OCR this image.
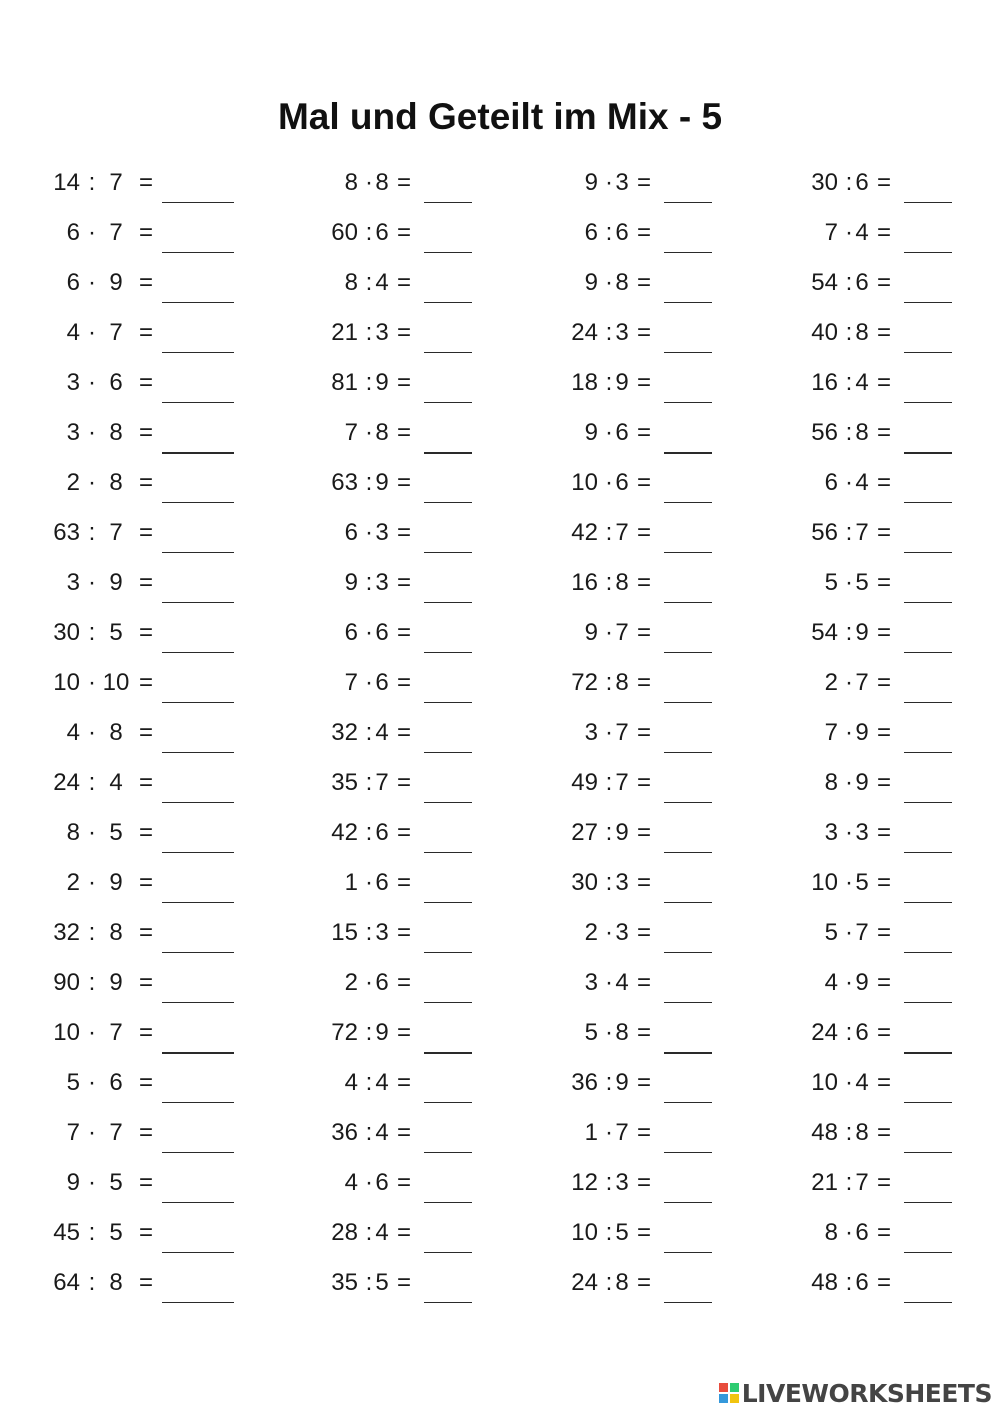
Mal und Geteilt im Mix - 5
14 : 7 =	8 · 8 =	9 · 3 =	30 : 6 =
6 · 7 =	60 : 6 =	6 : 6 =	7 · 4 =
6 · 9 =	8 : 4 =	9 · 8 =	54 : 6 =
4 · 7 =	21 : 3 =	24 : 3 =	40 : 8 =
3 · 6 =	81 : 9 =	18 : 9 =	16 : 4 =
3 · 8 =	7 · 8 =	9 · 6 =	56 : 8 =
2 · 8 =	63 : 9 =	10 · 6 =	6 · 4 =
63 : 7 =	6 · 3 =	42 : 7 =	56 : 7 =
3 · 9 =	9 : 3 =	16 : 8 =	5 · 5 =
30 : 5 =	6 · 6 =	9 · 7 =	54 : 9 =
10 · 10 =	7 · 6 =	72 : 8 =	2 · 7 =
4 · 8 =	32 : 4 =	3 · 7 =	7 · 9 =
24 : 4 =	35 : 7 =	49 : 7 =	8 · 9 =
8 · 5 =	42 : 6 =	27 : 9 =	3 · 3 =
2 · 9 =	1 · 6 =	30 : 3 =	10 · 5 =
32 : 8 =	15 : 3 =	2 · 3 =	5 · 7 =
90 : 9 =	2 · 6 =	3 · 4 =	4 · 9 =
10 · 7 =	72 : 9 =	5 · 8 =	24 : 6 =
5 · 6 =	4 : 4 =	36 : 9 =	10 · 4 =
7 · 7 =	36 : 4 =	1 · 7 =	48 : 8 =
9 · 5 =	4 · 6 =	12 : 3 =	21 : 7 =
45 : 5 =	28 : 4 =	10 : 5 =	8 · 6 =
64 : 8 =	35 : 5 =	24 : 8 =	48 : 6 =
LIVEWORKSHEETS
